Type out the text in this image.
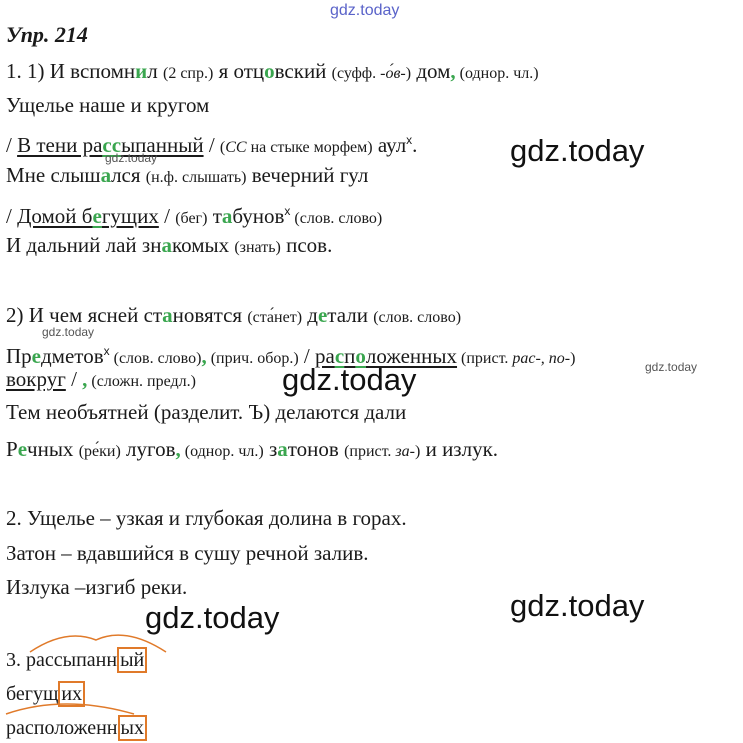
gdz.today
Упр. 214
1. 1) И вспомнил (2 спр.) я отцовский (суфф. -о́в-) дом, (однор. чл.)
Ущелье наше и кругом
/ В тени рассыпанный / (СС на стыке морфем) аул$^x$.
gdz.today	gdz.today
Мне слышался (н.ф. слышать) вечерний гул
/ Домой бегущих / (бег) табунов$^x$ (слов. слово)
И дальний лай знакомых (знать) псов.
2) И чем ясней становятся (ста́нет) детали (слов. слово)
gdz.today
Предметов$^x$ (слов. слово), (прич. обор.) / расположенных (прист. рас-, по-)	gdz.today
вокруг / , (сложн. предл.)	gdz.today
Тем необъятней (разделит. Ъ) делаются дали
Речных (ре́ки) лугов, (однор. чл.) затонов (прист. за-) и излук.
2. Ущелье – узкая и глубокая долина в горах.
Затон – вдавшийся в сушу речной залив.
Излука –изгиб реки.
gdz.today
gdz.today
3. рассыпанн ый
бегущ их
расположенн ых
